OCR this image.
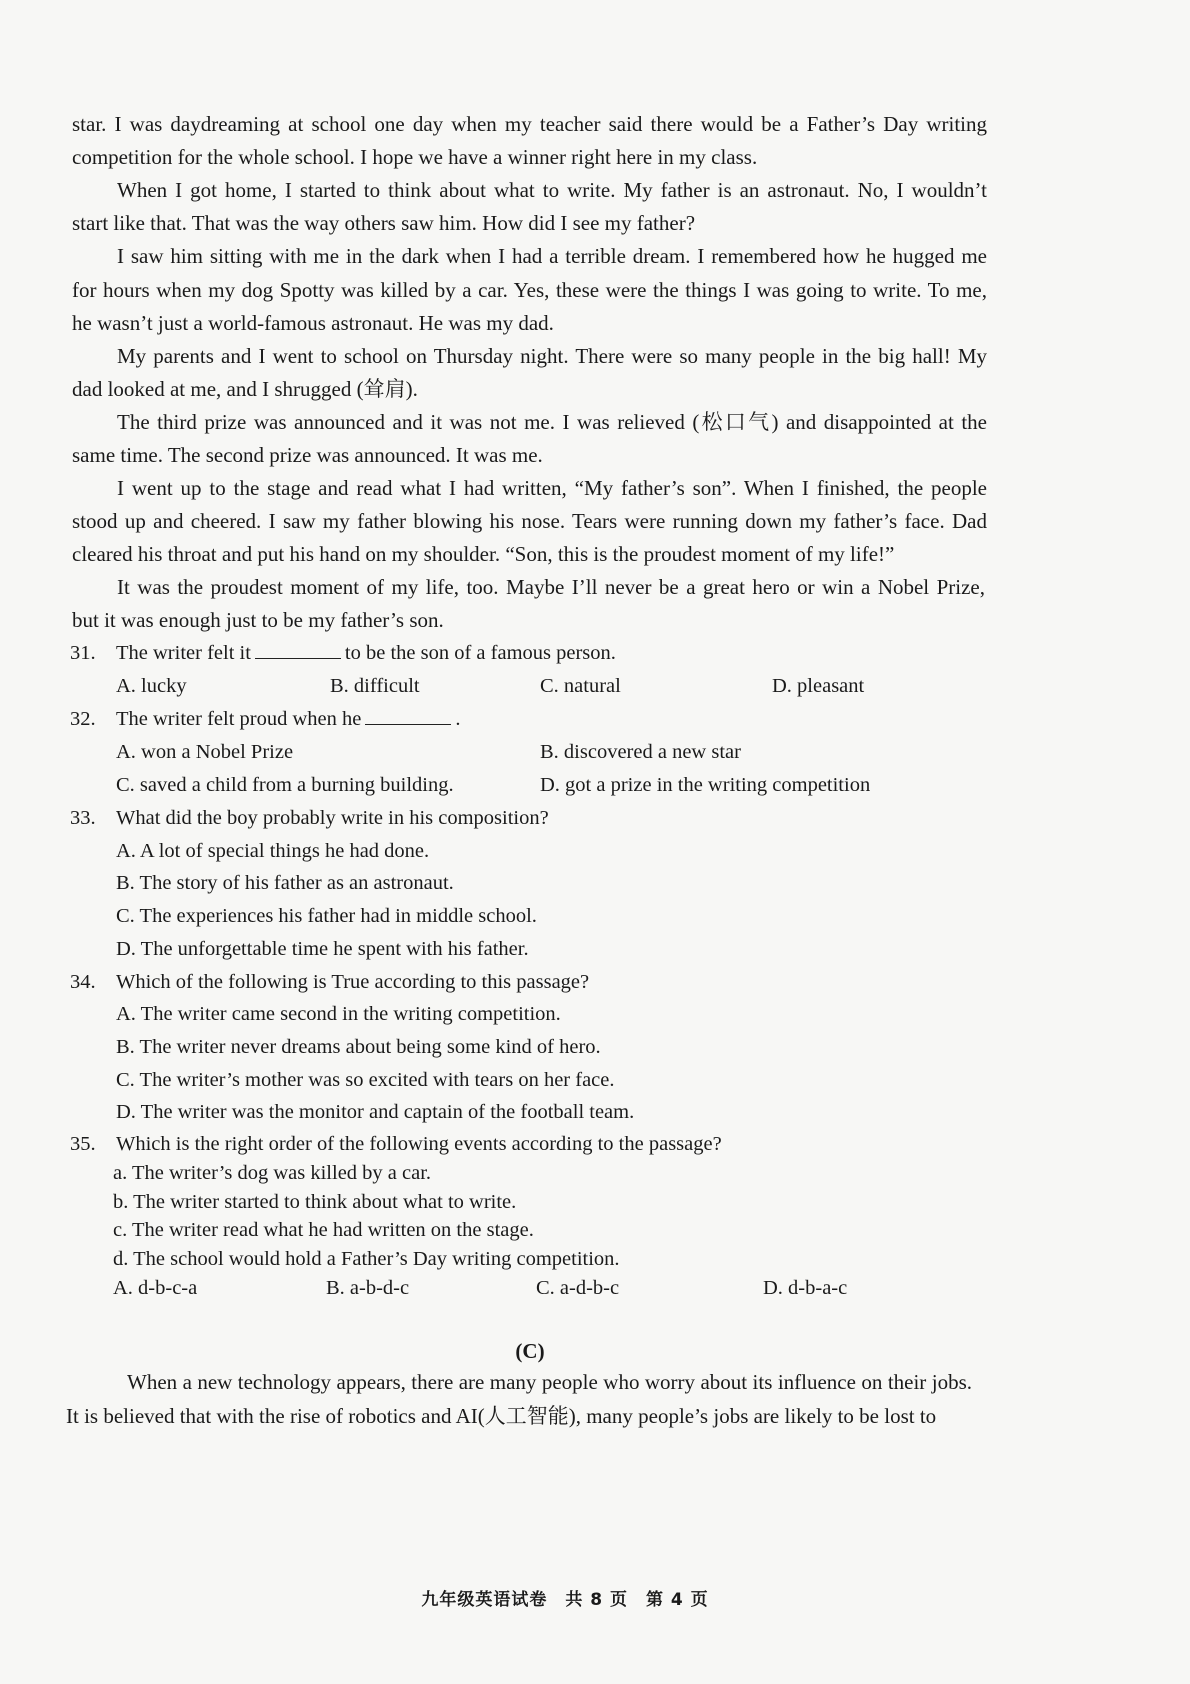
star. I was daydreaming at school one day when my teacher said there would be a Father’s Day writing
competition for the whole school. I hope we have a winner right here in my class.
When I got home, I started to think about what to write. My father is an astronaut. No, I wouldn’t
start like that. That was the way others saw him. How did I see my father?
I saw him sitting with me in the dark when I had a terrible dream. I remembered how he hugged me
for hours when my dog Spotty was killed by a car. Yes, these were the things I was going to write. To me,
he wasn’t just a world-famous astronaut. He was my dad.
My parents and I went to school on Thursday night. There were so many people in the big hall! My
dad looked at me, and I shrugged (耸肩).
The third prize was announced and it was not me. I was relieved (松口气) and disappointed at the
same time. The second prize was announced. It was me.
I went up to the stage and read what I had written, “My father’s son”. When I finished, the people
stood up and cheered. I saw my father blowing his nose. Tears were running down my father’s face. Dad
cleared his throat and put his hand on my shoulder. “Son, this is the proudest moment of my life!”
It was the proudest moment of my life, too. Maybe I’ll never be a great hero or win a Nobel Prize,
but it was enough just to be my father’s son.
31. The writer felt it	to be the son of a famous person.
A. lucky	B. difficult	C. natural	D. pleasant
32. The writer felt proud when he	.
A. won a Nobel Prize	B. discovered a new star
C. saved a child from a burning building.	D. got a prize in the writing competition
33. What did the boy probably write in his composition?
A. A lot of special things he had done.
B. The story of his father as an astronaut.
C. The experiences his father had in middle school.
D. The unforgettable time he spent with his father.
34. Which of the following is True according to this passage?
A. The writer came second in the writing competition.
B. The writer never dreams about being some kind of hero.
C. The writer’s mother was so excited with tears on her face.
D. The writer was the monitor and captain of the football team.
35. Which is the right order of the following events according to the passage?
a. The writer’s dog was killed by a car.
b. The writer started to think about what to write.
c. The writer read what he had written on the stage.
d. The school would hold a Father’s Day writing competition.
A. d-b-c-a	B. a-b-d-c	C. a-d-b-c	D. d-b-a-c
(C)
When a new technology appears, there are many people who worry about its influence on their jobs.
It is believed that with the rise of robotics and AI(人工智能), many people’s jobs are likely to be lost to
九年级英语试卷　共 8 页　第 4 页
